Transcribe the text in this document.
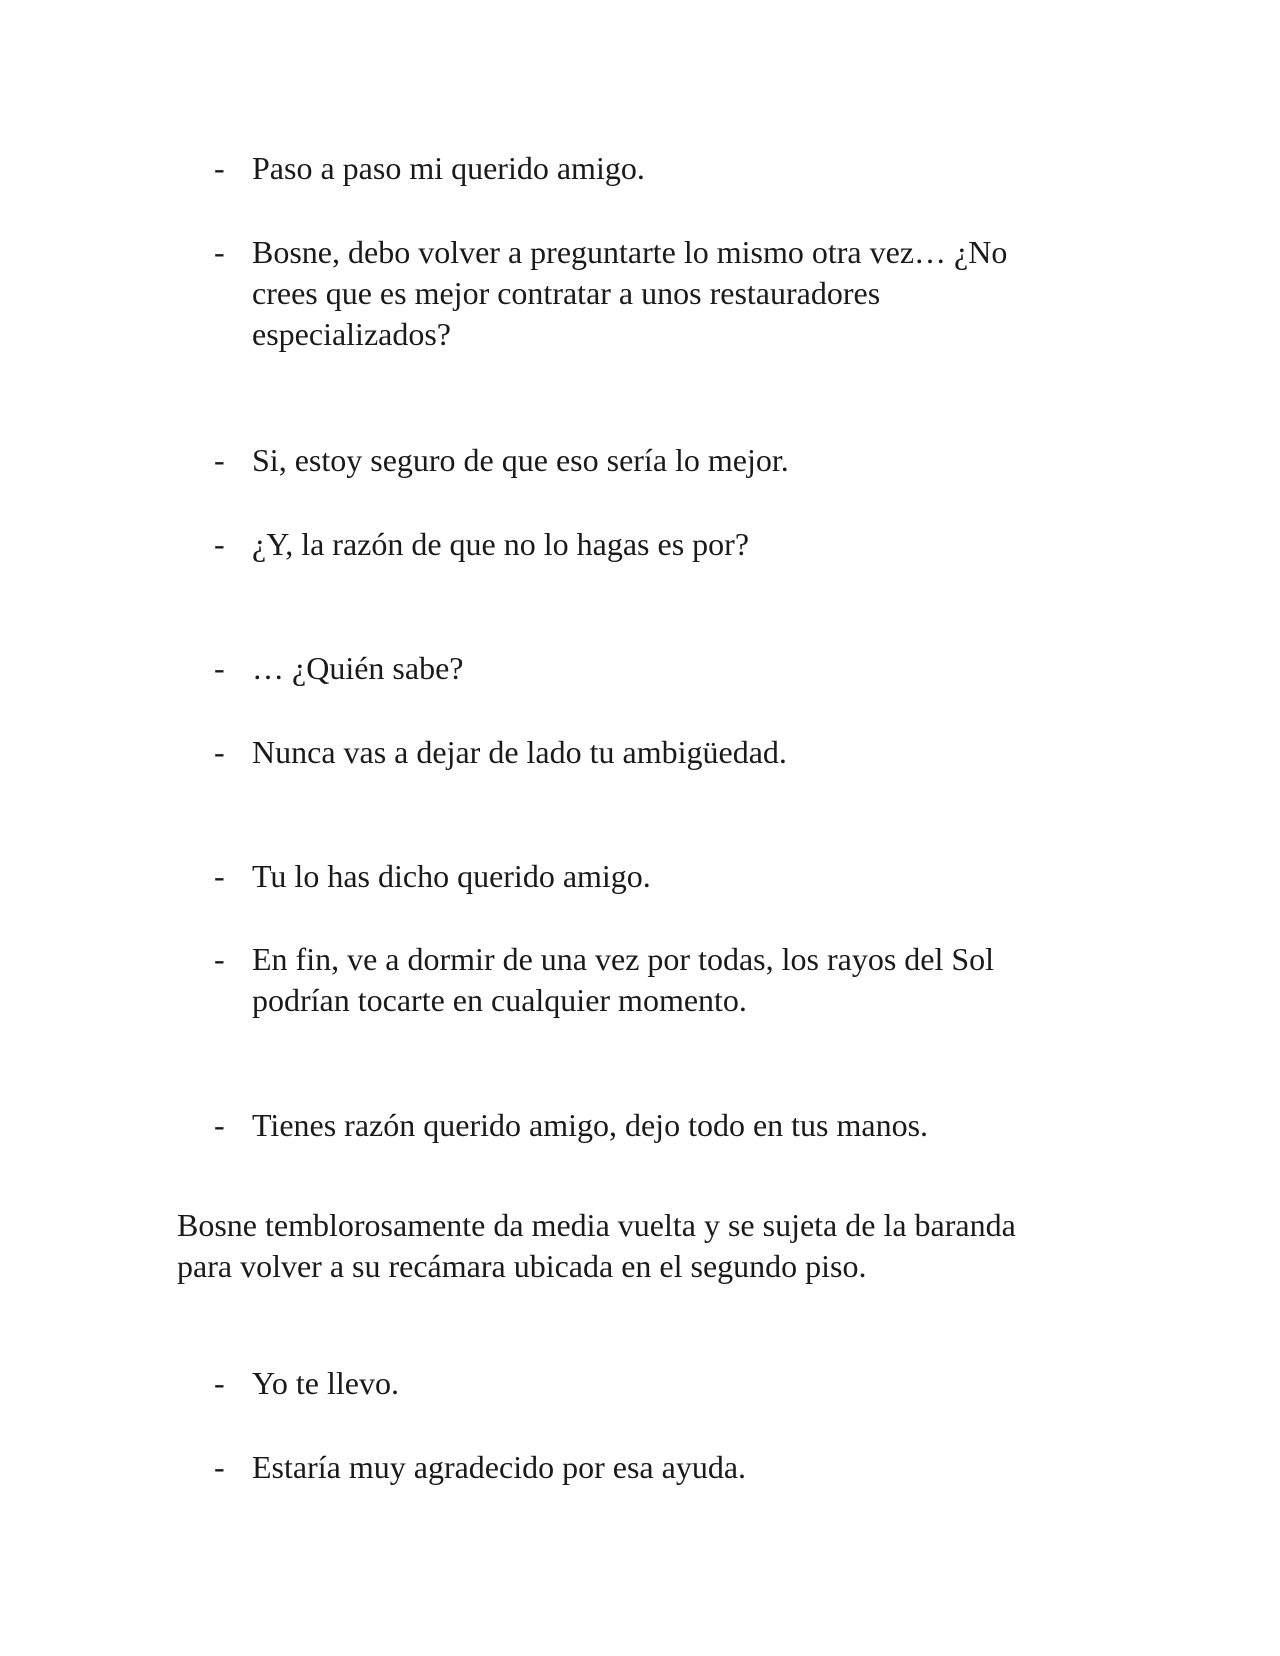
- Paso a paso mi querido amigo.
- Bosne, debo volver a preguntarte lo mismo otra vez… ¿No crees que es mejor contratar a unos restauradores especializados?
- Si, estoy seguro de que eso sería lo mejor.
- ¿Y, la razón de que no lo hagas es por?
- … ¿Quién sabe?
- Nunca vas a dejar de lado tu ambigüedad.
- Tu lo has dicho querido amigo.
- En fin, ve a dormir de una vez por todas, los rayos del Sol podrían tocarte en cualquier momento.
- Tienes razón querido amigo, dejo todo en tus manos.

Bosne temblorosamente da media vuelta y se sujeta de la baranda para volver a su recámara ubicada en el segundo piso.

- Yo te llevo.
- Estaría muy agradecido por esa ayuda.
